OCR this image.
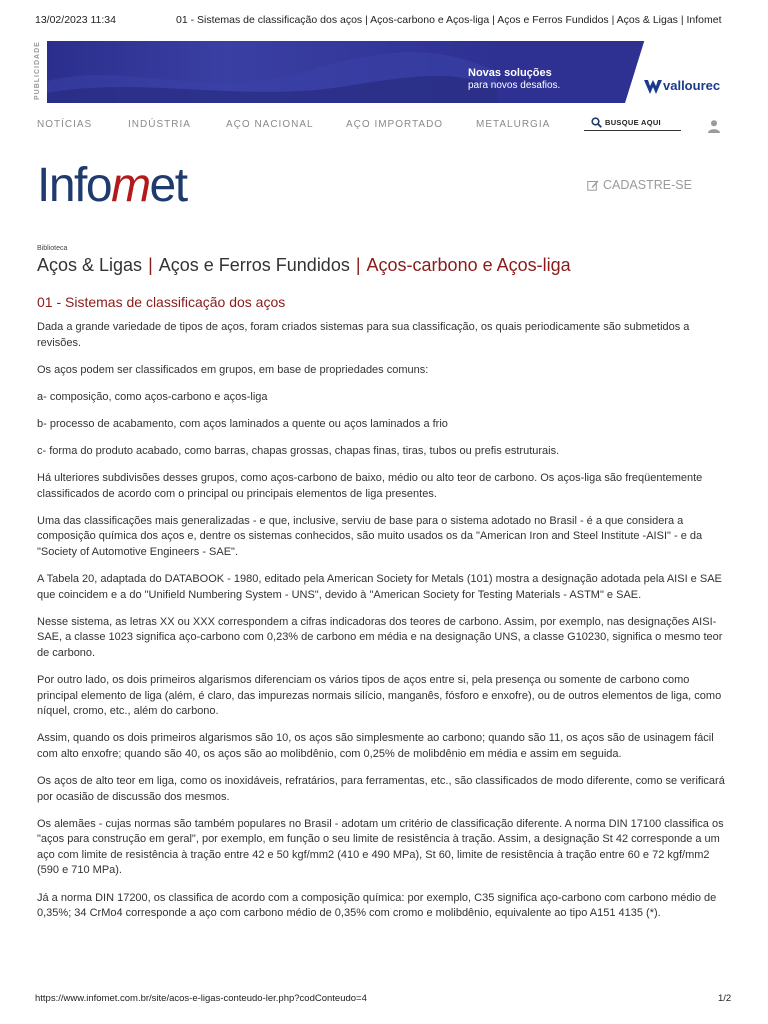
13/02/2023 11:34	01 - Sistemas de classificação dos aços | Aços-carbono e Aços-liga | Aços e Ferros Fundidos | Aços & Ligas | Infomet
PUBLICIDADE	Novas soluções
para novos desafios.	vallourec
NOTÍCIAS	INDÚSTRIA	AÇO NACIONAL	AÇO IMPORTADO	METALURGIA
BUSQUE AQUI
Infomet	CADASTRE-SE
Biblioteca
Aços & Ligas | Aços e Ferros Fundidos | Aços-carbono e Aços-liga
01 - Sistemas de classificação dos aços

Dada a grande variedade de tipos de aços, foram criados sistemas para sua classificação, os quais periodicamente são submetidos a revisões.

Os aços podem ser classificados em grupos, em base de propriedades comuns:

a- composição, como aços-carbono e aços-liga

b- processo de acabamento, com aços laminados a quente ou aços laminados a frio

c- forma do produto acabado, como barras, chapas grossas, chapas finas, tiras, tubos ou prefis estruturais.

Há ulteriores subdivisões desses grupos, como aços-carbono de baixo, médio ou alto teor de carbono. Os aços-liga são freqüentemente classificados de acordo com o principal ou principais elementos de liga presentes.

Uma das classificações mais generalizadas - e que, inclusive, serviu de base para o sistema adotado no Brasil - é a que considera a composição química dos aços e, dentre os sistemas conhecidos, são muito usados os da "American Iron and Steel Institute -AISI" - e da "Society of Automotive Engineers - SAE".

A Tabela 20, adaptada do DATABOOK - 1980, editado pela American Society for Metals (101) mostra a designação adotada pela AISI e SAE que coincidem e a do "Unifield Numbering System - UNS", devido à "American Society for Testing Materials - ASTM" e SAE.

Nesse sistema, as letras XX ou XXX correspondem a cifras indicadoras dos teores de carbono. Assim, por exemplo, nas designações AISI-SAE, a classe 1023 significa aço-carbono com 0,23% de carbono em média e na designação UNS, a classe G10230, significa o mesmo teor de carbono.

Por outro lado, os dois primeiros algarismos diferenciam os vários tipos de aços entre si, pela presença ou somente de carbono como principal elemento de liga (além, é claro, das impurezas normais silício, manganês, fósforo e enxofre), ou de outros elementos de liga, como níquel, cromo, etc., além do carbono.

Assim, quando os dois primeiros algarismos são 10, os aços são simplesmente ao carbono; quando são 11, os aços são de usinagem fácil com alto enxofre; quando são 40, os aços são ao molibdênio, com 0,25% de molibdênio em média e assim em seguida.

Os aços de alto teor em liga, como os inoxidáveis, refratários, para ferramentas, etc., são classificados de modo diferente, como se verificará por ocasião de discussão dos mesmos.

Os alemães - cujas normas são também populares no Brasil - adotam um critério de classificação diferente. A norma DIN 17100 classifica os "aços para construção em geral", por exemplo, em função o seu limite de resistência à tração. Assim, a designação St 42 corresponde a um aço com limite de resistência à tração entre 42 e 50 kgf/mm2 (410 e 490 MPa), St 60, limite de resistência à tração entre 60 e 72 kgf/mm2 (590 e 710 MPa).

Já a norma DIN 17200, os classifica de acordo com a composição química: por exemplo, C35 significa aço-carbono com carbono médio de 0,35%; 34 CrMo4 corresponde a aço com carbono médio de 0,35% com cromo e molibdênio, equivalente ao tipo A151 4135 (*).

https://www.infomet.com.br/site/acos-e-ligas-conteudo-ler.php?codConteudo=4	1/2
